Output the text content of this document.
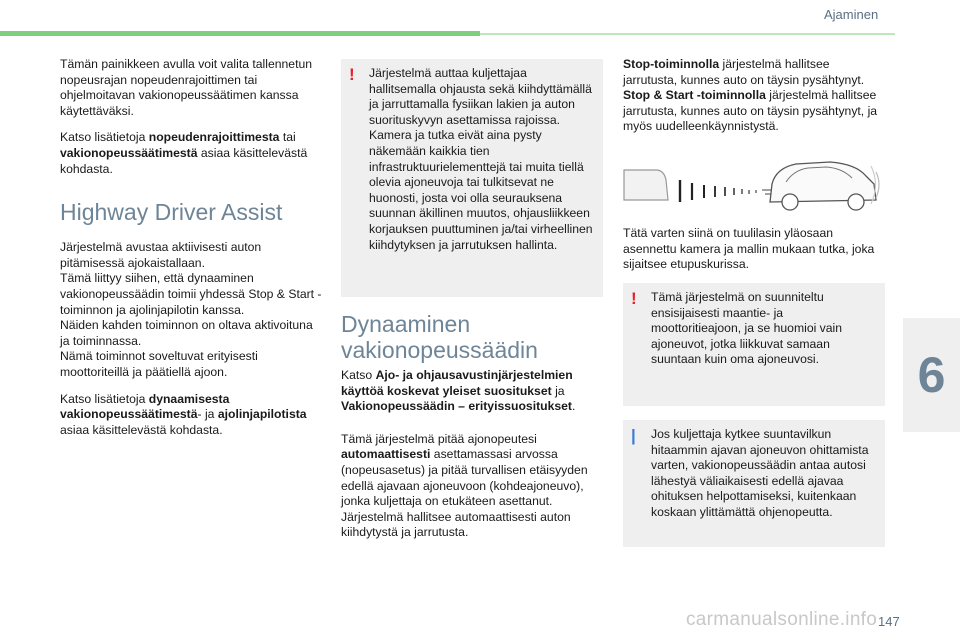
Ajaminen

Tämän painikkeen avulla voit valita tallennetun nopeusrajan nopeudenrajoittimen tai ohjelmoitavan vakionopeussäätimen kanssa käytettäväksi.

Katso lisätietoja nopeudenrajoittimesta tai vakionopeussäätimestä asiaa käsittelevästä kohdasta.

Highway Driver Assist

Järjestelmä avustaa aktiivisesti auton pitämisessä ajokaistallaan.

Tämä liittyy siihen, että dynaaminen vakionopeussäädin toimii yhdessä Stop & Start -toiminnon ja ajolinjapilotin kanssa.

Näiden kahden toiminnon on oltava aktivoituna ja toiminnassa.

Nämä toiminnot soveltuvat erityisesti moottoriteillä ja päätiellä ajoon.

Katso lisätietoja dynaamisesta vakionopeussäätimestä- ja ajolinjapilotista asiaa käsittelevästä kohdasta.

! Järjestelmä auttaa kuljettajaa hallitsemalla ohjausta sekä kiihdyttämällä ja jarruttamalla fysiikan lakien ja auton suorituskyvyn asettamissa rajoissa. Kamera ja tutka eivät aina pysty näkemään kaikkia tien infrastruktuurielementtejä tai muita tiellä olevia ajoneuvoja tai tulkitsevat ne huonosti, josta voi olla seurauksena suunnan äkillinen muutos, ohjausliikkeen korjauksen puuttuminen ja/tai virheellinen kiihdytyksen ja jarrutuksen hallinta.
Dynaaminen vakionopeussäädin

Katso Ajo- ja ohjausavustinjärjestelmien käyttöä koskevat yleiset suositukset ja Vakionopeussäädin – erityissuositukset.

Tämä järjestelmä pitää ajonopeutesi automaattisesti asettamassasi arvossa (nopeusasetus) ja pitää turvallisen etäisyyden edellä ajavaan ajoneuvoon (kohdeajoneuvo), jonka kuljettaja on etukäteen asettanut.

Järjestelmä hallitsee automaattisesti auton kiihdytystä ja jarrutusta.

Stop-toiminnolla järjestelmä hallitsee jarrutusta, kunnes auto on täysin pysähtynyt.

Stop & Start -toiminnolla järjestelmä hallitsee jarrutusta, kunnes auto on täysin pysähtynyt, ja myös uudelleenkäynnistystä.

Tätä varten siinä on tuulilasin yläosaan asennettu kamera ja mallin mukaan tutka, joka sijaitsee etupuskurissa.
! Tämä järjestelmä on suunniteltu ensisijaisesti maantie- ja moottoritieajoon, ja se huomioi vain ajoneuvot, jotka liikkuvat samaan suuntaan kuin oma ajoneuvosi.
| Jos kuljettaja kytkee suuntavilkun hitaammin ajavan ajoneuvon ohittamista varten, vakionopeussäädin antaa autosi lähestyä väliaikaisesti edellä ajavaa ohituksen helpottamiseksi, kuitenkaan koskaan ylittämättä ohjenopeutta.
6
carmanualsonline.info 147
